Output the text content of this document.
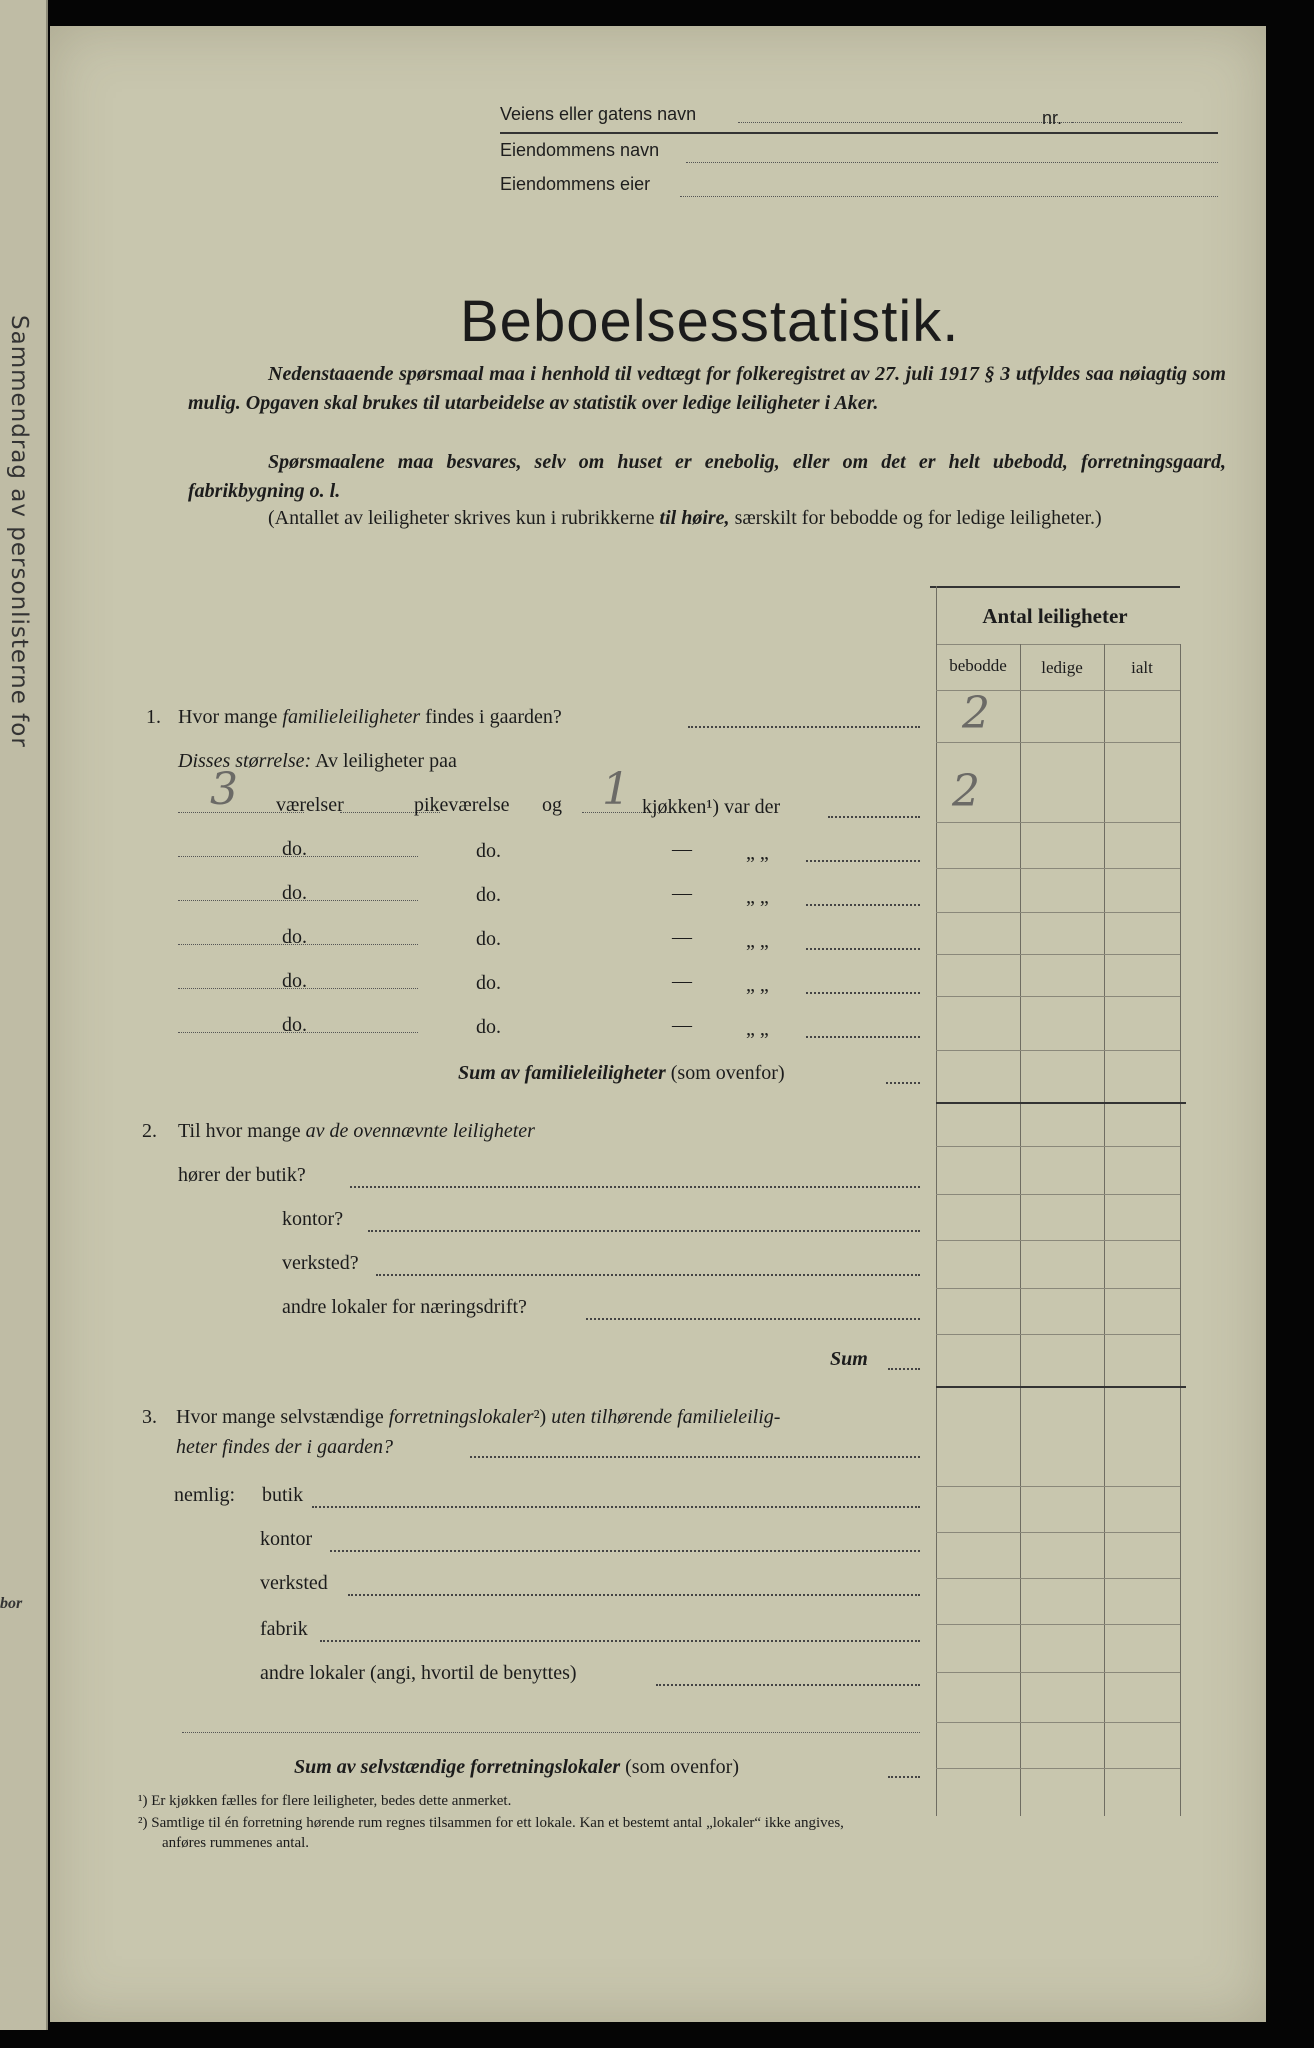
Sammendrag av personlisterne for
bor
Veiens eller gatens navn	nr.
Eiendommens navn
Eiendommens eier
Beboelsesstatistik.
Nedenstaaende spørsmaal maa i henhold til vedtægt for folkeregistret av 27. juli 1917 § 3 utfyldes saa nøiagtig som mulig. Opgaven skal brukes til utarbeidelse av statistik over ledige leiligheter i Aker.
Spørsmaalene maa besvares, selv om huset er enebolig, eller om det er helt ubebodd, forretningsgaard, fabrikbygning o. l.
(Antallet av leiligheter skrives kun i rubrikkerne til høire, særskilt for bebodde og for ledige leiligheter.)
Antal leiligheter
bebodde	ledige	ialt
1. Hvor mange familieleiligheter findes i gaarden?	2
Disses størrelse: Av leiligheter paa
3 værelser	pikeværelse og 1 kjøkken¹) var der	2
do.	do.	—	„ „
do.	do.	—	„ „
do.	do.	—	„ „
do.	do.	—	„ „
do.	do.	—	„ „
Sum av familieleiligheter (som ovenfor)
2. Til hvor mange av de ovennævnte leiligheter
hører der butik?
kontor?
verksted?
andre lokaler for næringsdrift?
Sum
3. Hvor mange selvstændige forretningslokaler²) uten tilhørende familieleilig-
heter findes der i gaarden?
nemlig: butik
kontor
verksted
fabrik
andre lokaler (angi, hvortil de benyttes)
Sum av selvstændige forretningslokaler (som ovenfor)
¹) Er kjøkken fælles for flere leiligheter, bedes dette anmerket.
²) Samtlige til én forretning hørende rum regnes tilsammen for ett lokale. Kan et bestemt antal „lokaler“ ikke angives,
anføres rummenes antal.
